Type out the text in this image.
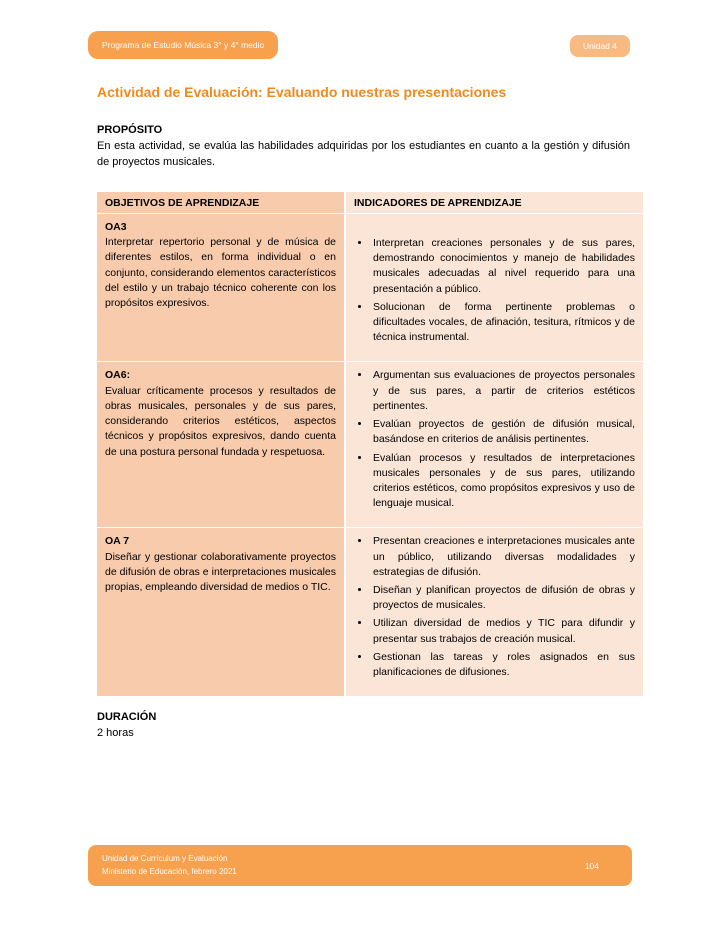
Programa de Estudio Música 3° y 4° medio	Unidad 4
Actividad de Evaluación: Evaluando nuestras presentaciones
PROPÓSITO

En esta actividad, se evalúa las habilidades adquiridas por los estudiantes en cuanto a la gestión y difusión de proyectos musicales.

OBJETIVOS DE APRENDIZAJE	INDICADORES DE APRENDIZAJE

OA3

Interpretar repertorio personal y de música de diferentes estilos, en forma individual o en conjunto, considerando elementos característicos del estilo y un trabajo técnico coherente con los propósitos expresivos.

• Interpretan creaciones personales y de sus pares, demostrando conocimientos y manejo de habilidades musicales adecuadas al nivel requerido para una presentación a público.
• Solucionan de forma pertinente problemas o dificultades vocales, de afinación, tesitura, rítmicos y de técnica instrumental.

OA6:

Evaluar críticamente procesos y resultados de obras musicales, personales y de sus pares, considerando criterios estéticos, aspectos técnicos y propósitos expresivos, dando cuenta de una postura personal fundada y respetuosa.

• Argumentan sus evaluaciones de proyectos personales y de sus pares, a partir de criterios estéticos pertinentes.
• Evalúan proyectos de gestión de difusión musical, basándose en criterios de análisis pertinentes.
• Evalúan procesos y resultados de interpretaciones musicales personales y de sus pares, utilizando criterios estéticos, como propósitos expresivos y uso de lenguaje musical.

OA 7

Diseñar y gestionar colaborativamente proyectos de difusión de obras e interpretaciones musicales propias, empleando diversidad de medios o TIC.

• Presentan creaciones e interpretaciones musicales ante un público, utilizando diversas modalidades y estrategias de difusión.
• Diseñan y planifican proyectos de difusión de obras y proyectos de musicales.
• Utilizan diversidad de medios y TIC para difundir y presentar sus trabajos de creación musical.
• Gestionan las tareas y roles asignados en sus planificaciones de difusiones.
DURACIÓN

2 horas

Unidad de Currículum y Evaluación
Ministerio de Educación, febrero 2021
104
